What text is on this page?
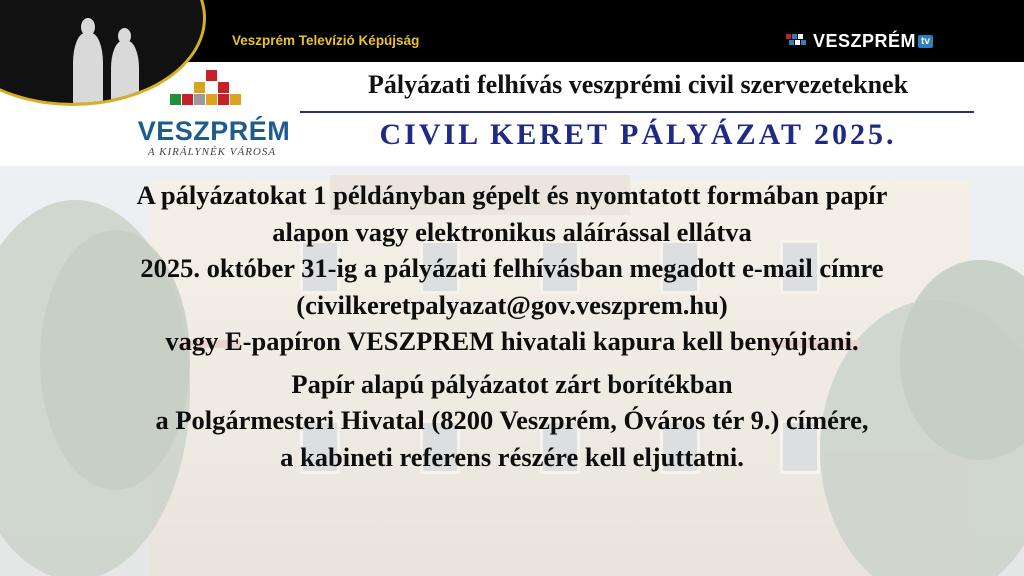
Veszprém Televízió Képújság	VESZPRÉM tv
VESZPRÉM
A KIRÁLYNÉK VÁROSA
Pályázati felhívás veszprémi civil szervezeteknek
CIVIL KERET PÁLYÁZAT 2025.
A pályázatokat 1 példányban gépelt és nyomtatott formában papír
alapon vagy elektronikus aláírással ellátva
2025. október 31-ig a pályázati felhívásban megadott e-mail címre
(civilkeretpalyazat@gov.veszprem.hu)
vagy E-papíron VESZPREM hivatali kapura kell benyújtani.
Papír alapú pályázatot zárt borítékban
a Polgármesteri Hivatal (8200 Veszprém, Óváros tér 9.) címére,
a kabineti referens részére kell eljuttatni.
